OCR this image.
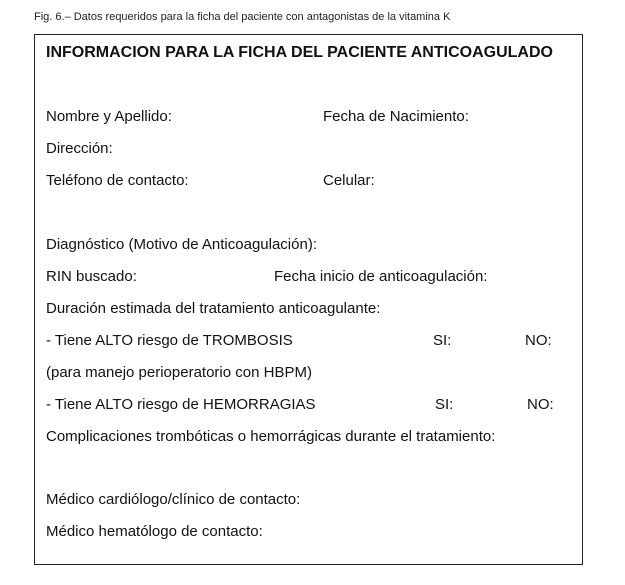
Fig. 6.– Datos requeridos para la ficha del paciente con antagonistas de la vitamina K
INFORMACION PARA LA FICHA DEL PACIENTE ANTICOAGULADO
Nombre y Apellido:	Fecha de Nacimiento:
Dirección:
Teléfono de contacto:	Celular:
Diagnóstico (Motivo de Anticoagulación):
RIN buscado:	Fecha inicio de anticoagulación:
Duración estimada del tratamiento anticoagulante:
- Tiene ALTO riesgo de TROMBOSIS	SI:	NO:
(para manejo perioperatorio con HBPM)
- Tiene ALTO riesgo de HEMORRAGIAS	SI:	NO:
Complicaciones trombóticas o hemorrágicas durante el tratamiento:
Médico cardiólogo/clínico de contacto:
Médico hematólogo de contacto:
